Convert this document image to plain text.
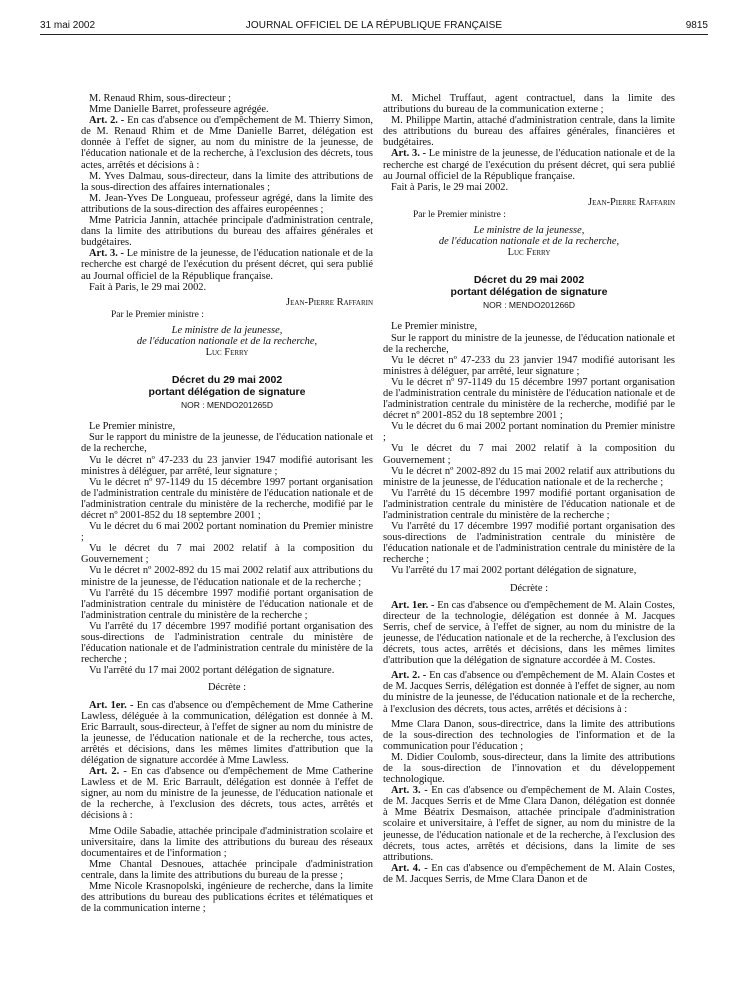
31 mai 2002	JOURNAL OFFICIEL DE LA RÉPUBLIQUE FRANÇAISE	9815

M. Renaud Rhim, sous-directeur ;

Mme Danielle Barret, professeure agrégée.

Art. 2. - En cas d'absence ou d'empêchement de M. Thierry Simon, de M. Renaud Rhim et de Mme Danielle Barret, délégation est donnée à l'effet de signer, au nom du ministre de la jeunesse, de l'éducation nationale et de la recherche, à l'exclusion des décrets, tous actes, arrêtés et décisions à :

M. Yves Dalmau, sous-directeur, dans la limite des attributions de la sous-direction des affaires internationales ;

M. Jean-Yves De Longueau, professeur agrégé, dans la limite des attributions de la sous-direction des affaires européennes ;

Mme Patricia Jannin, attachée principale d'administration centrale, dans la limite des attributions du bureau des affaires générales et budgétaires.

Art. 3. - Le ministre de la jeunesse, de l'éducation nationale et de la recherche est chargé de l'exécution du présent décret, qui sera publié au Journal officiel de la République française.

Fait à Paris, le 29 mai 2002.

Jean-Pierre Raffarin

Par le Premier ministre :

Le ministre de la jeunesse,

de l'éducation nationale et de la recherche,

Luc Ferry

Décret du 29 mai 2002
portant délégation de signature
NOR : MENDO201265D

Le Premier ministre,

Sur le rapport du ministre de la jeunesse, de l'éducation nationale et de la recherche,

Vu le décret nº 47-233 du 23 janvier 1947 modifié autorisant les ministres à déléguer, par arrêté, leur signature ;

Vu le décret nº 97-1149 du 15 décembre 1997 portant organisation de l'administration centrale du ministère de l'éducation nationale et de l'administration centrale du ministère de la recherche, modifié par le décret nº 2001-852 du 18 septembre 2001 ;

Vu le décret du 6 mai 2002 portant nomination du Premier ministre ;

Vu le décret du 7 mai 2002 relatif à la composition du Gouvernement ;

Vu le décret nº 2002-892 du 15 mai 2002 relatif aux attributions du ministre de la jeunesse, de l'éducation nationale et de la recherche ;

Vu l'arrêté du 15 décembre 1997 modifié portant organisation de l'administration centrale du ministère de l'éducation nationale et de l'administration centrale du ministère de la recherche ;

Vu l'arrêté du 17 décembre 1997 modifié portant organisation des sous-directions de l'administration centrale du ministère de l'éducation nationale et de l'administration centrale du ministère de la recherche ;

Vu l'arrêté du 17 mai 2002 portant délégation de signature.

Décrète :

Art. 1er. - En cas d'absence ou d'empêchement de Mme Catherine Lawless, déléguée à la communication, délégation est donnée à M. Eric Barrault, sous-directeur, à l'effet de signer au nom du ministre de la jeunesse, de l'éducation nationale et de la recherche, tous actes, arrêtés et décisions, dans les mêmes limites d'attribution que la délégation de signature accordée à Mme Lawless.

Art. 2. - En cas d'absence ou d'empêchement de Mme Catherine Lawless et de M. Eric Barrault, délégation est donnée à l'effet de signer, au nom du ministre de la jeunesse, de l'éducation nationale et de la recherche, à l'exclusion des décrets, tous actes, arrêtés et décisions à :

Mme Odile Sabadie, attachée principale d'administration scolaire et universitaire, dans la limite des attributions du bureau des réseaux documentaires et de l'information ;

Mme Chantal Desnoues, attachée principale d'administration centrale, dans la limite des attributions du bureau de la presse ;

Mme Nicole Krasnopolski, ingénieure de recherche, dans la limite des attributions du bureau des publications écrites et télématiques et de la communication interne ;

M. Michel Truffaut, agent contractuel, dans la limite des attributions du bureau de la communication externe ;

M. Philippe Martin, attaché d'administration centrale, dans la limite des attributions du bureau des affaires générales, financières et budgétaires.

Art. 3. - Le ministre de la jeunesse, de l'éducation nationale et de la recherche est chargé de l'exécution du présent décret, qui sera publié au Journal officiel de la République française.

Fait à Paris, le 29 mai 2002.

Jean-Pierre Raffarin

Par le Premier ministre :

Le ministre de la jeunesse,

de l'éducation nationale et de la recherche,

Luc Ferry

Décret du 29 mai 2002
portant délégation de signature
NOR : MENDO201266D

Le Premier ministre,

Sur le rapport du ministre de la jeunesse, de l'éducation nationale et de la recherche,

Vu le décret nº 47-233 du 23 janvier 1947 modifié autorisant les ministres à déléguer, par arrêté, leur signature ;

Vu le décret nº 97-1149 du 15 décembre 1997 portant organisation de l'administration centrale du ministère de l'éducation nationale et de l'administration centrale du ministère de la recherche, modifié par le décret nº 2001-852 du 18 septembre 2001 ;

Vu le décret du 6 mai 2002 portant nomination du Premier ministre ;

Vu le décret du 7 mai 2002 relatif à la composition du Gouvernement ;

Vu le décret nº 2002-892 du 15 mai 2002 relatif aux attributions du ministre de la jeunesse, de l'éducation nationale et de la recherche ;

Vu l'arrêté du 15 décembre 1997 modifié portant organisation de l'administration centrale du ministère de l'éducation nationale et de l'administration centrale du ministère de la recherche ;

Vu l'arrêté du 17 décembre 1997 modifié portant organisation des sous-directions de l'administration centrale du ministère de l'éducation nationale et de l'administration centrale du ministère de la recherche ;

Vu l'arrêté du 17 mai 2002 portant délégation de signature,

Décrète :

Art. 1er. - En cas d'absence ou d'empêchement de M. Alain Costes, directeur de la technologie, délégation est donnée à M. Jacques Serris, chef de service, à l'effet de signer, au nom du ministre de la jeunesse, de l'éducation nationale et de la recherche, à l'exclusion des décrets, tous actes, arrêtés et décisions, dans les mêmes limites d'attribution que la délégation de signature accordée à M. Costes.

Art. 2. - En cas d'absence ou d'empêchement de M. Alain Costes et de M. Jacques Serris, délégation est donnée à l'effet de signer, au nom du ministre de la jeunesse, de l'éducation nationale et de la recherche, à l'exclusion des décrets, tous actes, arrêtés et décisions à :

Mme Clara Danon, sous-directrice, dans la limite des attributions de la sous-direction des technologies de l'information et de la communication pour l'éducation ;

M. Didier Coulomb, sous-directeur, dans la limite des attributions de la sous-direction de l'innovation et du développement technologique.

Art. 3. - En cas d'absence ou d'empêchement de M. Alain Costes, de M. Jacques Serris et de Mme Clara Danon, délégation est donnée à Mme Béatrix Desmaison, attachée principale d'administration scolaire et universitaire, à l'effet de signer, au nom du ministre de la jeunesse, de l'éducation nationale et de la recherche, à l'exclusion des décrets, tous actes, arrêtés et décisions, dans la limite de ses attributions.

Art. 4. - En cas d'absence ou d'empêchement de M. Alain Costes, de M. Jacques Serris, de Mme Clara Danon et de
